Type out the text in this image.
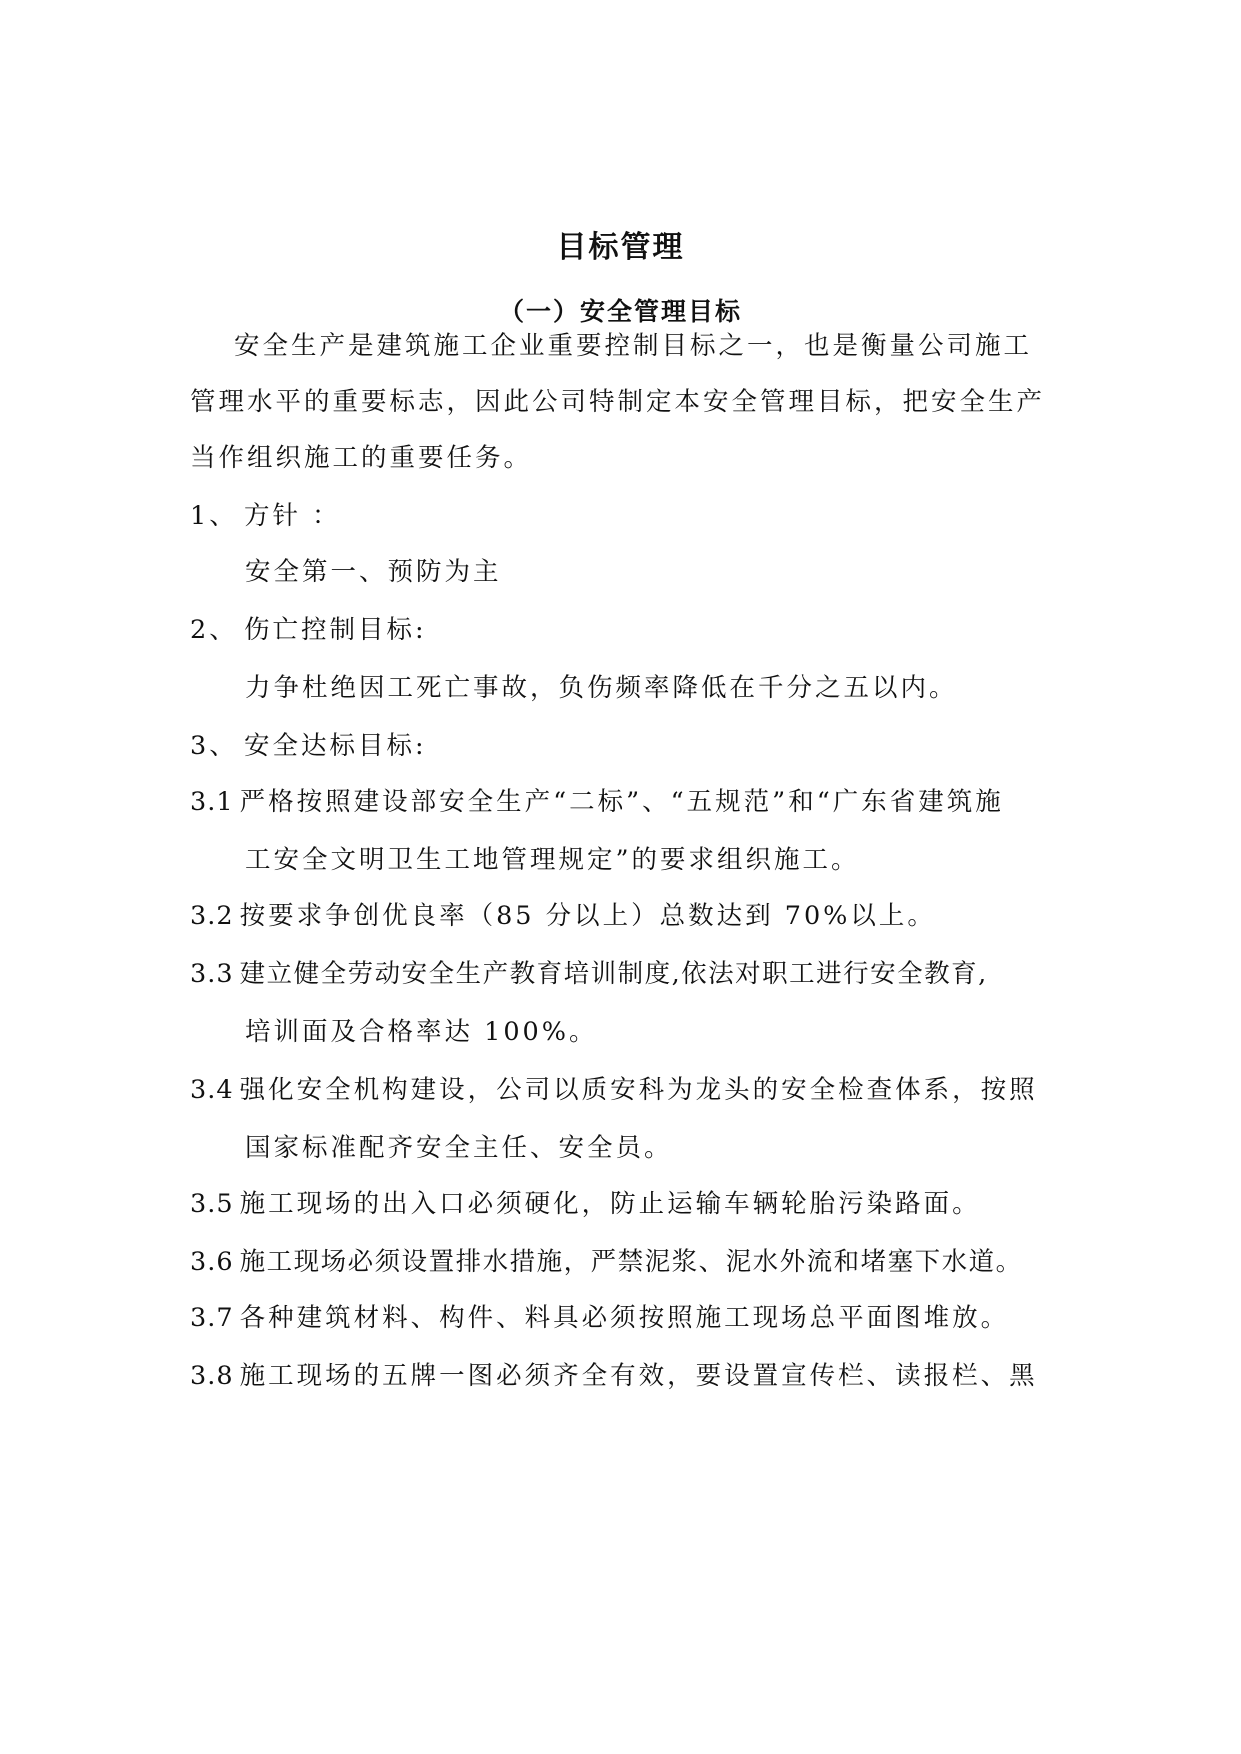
目标管理
（一）安全管理目标
安全生产是建筑施工企业重要控制目标之一，也是衡量公司施工
管理水平的重要标志，因此公司特制定本安全管理目标，把安全生产
当作组织施工的重要任务。
1、 方针 ：
安全第一、预防为主
2、 伤亡控制目标:
力争杜绝因工死亡事故，负伤频率降低在千分之五以内。
3、 安全达标目标:
3.1 严格按照建设部安全生产“二标”、“五规范”和“广东省建筑施
工安全文明卫生工地管理规定”的要求组织施工。
3.2 按要求争创优良率（85 分以上）总数达到 70%以上。
3.3 建立健全劳动安全生产教育培训制度,依法对职工进行安全教育,
培训面及合格率达 100%。
3.4 强化安全机构建设，公司以质安科为龙头的安全检查体系，按照
国家标准配齐安全主任、安全员。
3.5 施工现场的出入口必须硬化，防止运输车辆轮胎污染路面。
3.6 施工现场必须设置排水措施，严禁泥浆、泥水外流和堵塞下水道。
3.7 各种建筑材料、构件、料具必须按照施工现场总平面图堆放。
3.8 施工现场的五牌一图必须齐全有效，要设置宣传栏、读报栏、黑
